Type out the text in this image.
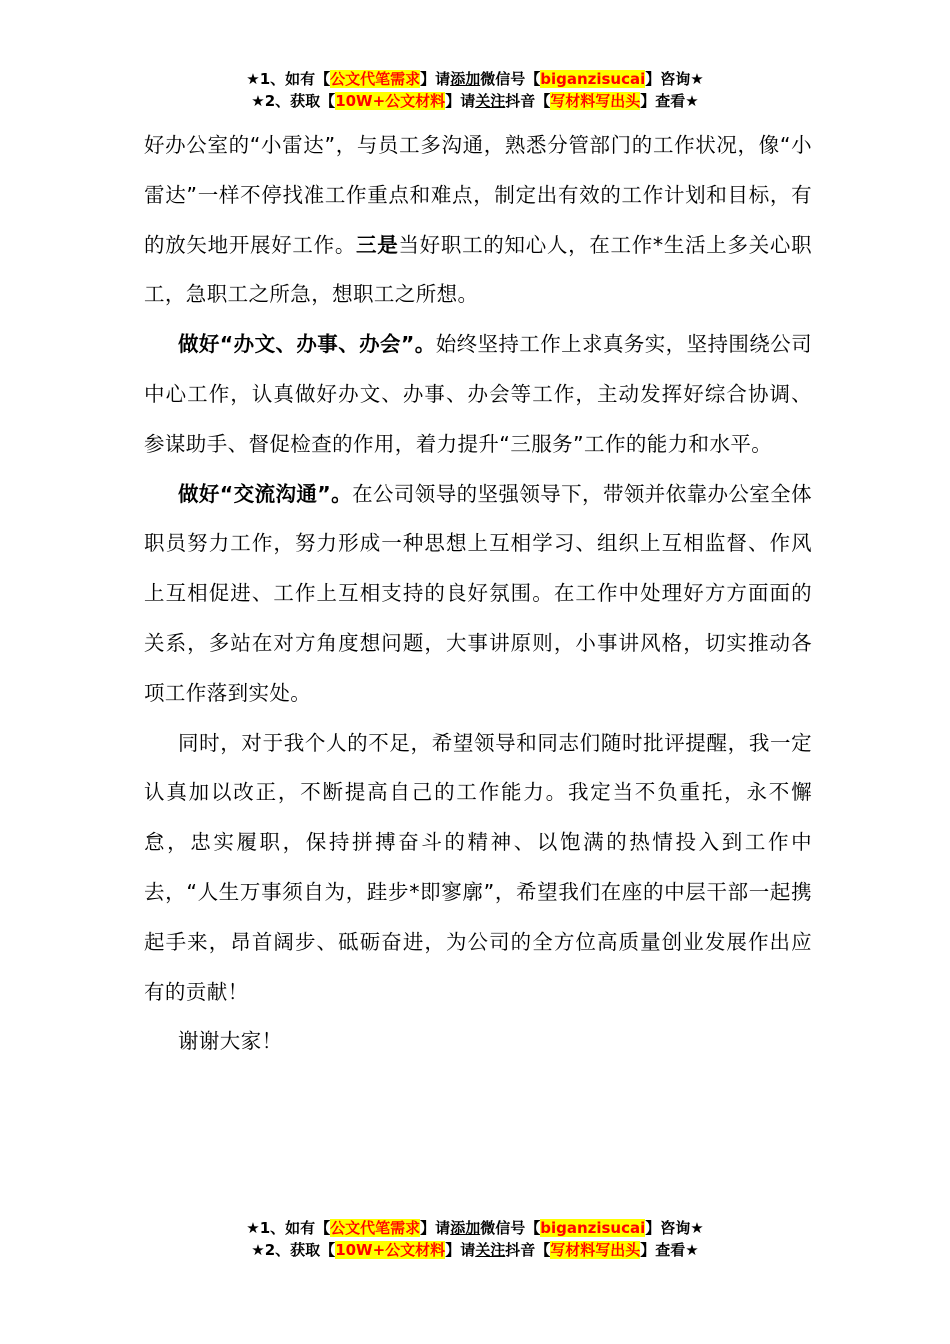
★1、如有【公文代笔需求】请添加微信号【biganzisucai】咨询★
★2、获取【10W+公文材料】请关注抖音【写材料写出头】查看★

好办公室的“小雷达”，与员工多沟通，熟悉分管部门的工作状况，像“小雷达”一样不停找准工作重点和难点，制定出有效的工作计划和目标，有的放矢地开展好工作。三是当好职工的知心人，在工作*生活上多关心职工，急职工之所急，想职工之所想。

做好“办文、办事、办会”。始终坚持工作上求真务实，坚持围绕公司中心工作，认真做好办文、办事、办会等工作，主动发挥好综合协调、参谋助手、督促检查的作用，着力提升“三服务”工作的能力和水平。

做好“交流沟通”。在公司领导的坚强领导下，带领并依靠办公室全体职员努力工作，努力形成一种思想上互相学习、组织上互相监督、作风上互相促进、工作上互相支持的良好氛围。在工作中处理好方方面面的关系，多站在对方角度想问题，大事讲原则，小事讲风格，切实推动各项工作落到实处。

同时，对于我个人的不足，希望领导和同志们随时批评提醒，我一定认真加以改正，不断提高自己的工作能力。我定当不负重托，永不懈怠，忠实履职，保持拼搏奋斗的精神、以饱满的热情投入到工作中去，“人生万事须自为，跬步*即寥廓”，希望我们在座的中层干部一起携起手来，昂首阔步、砥砺奋进，为公司的全方位高质量创业发展作出应有的贡献！

谢谢大家！

★1、如有【公文代笔需求】请添加微信号【biganzisucai】咨询★
★2、获取【10W+公文材料】请关注抖音【写材料写出头】查看★
